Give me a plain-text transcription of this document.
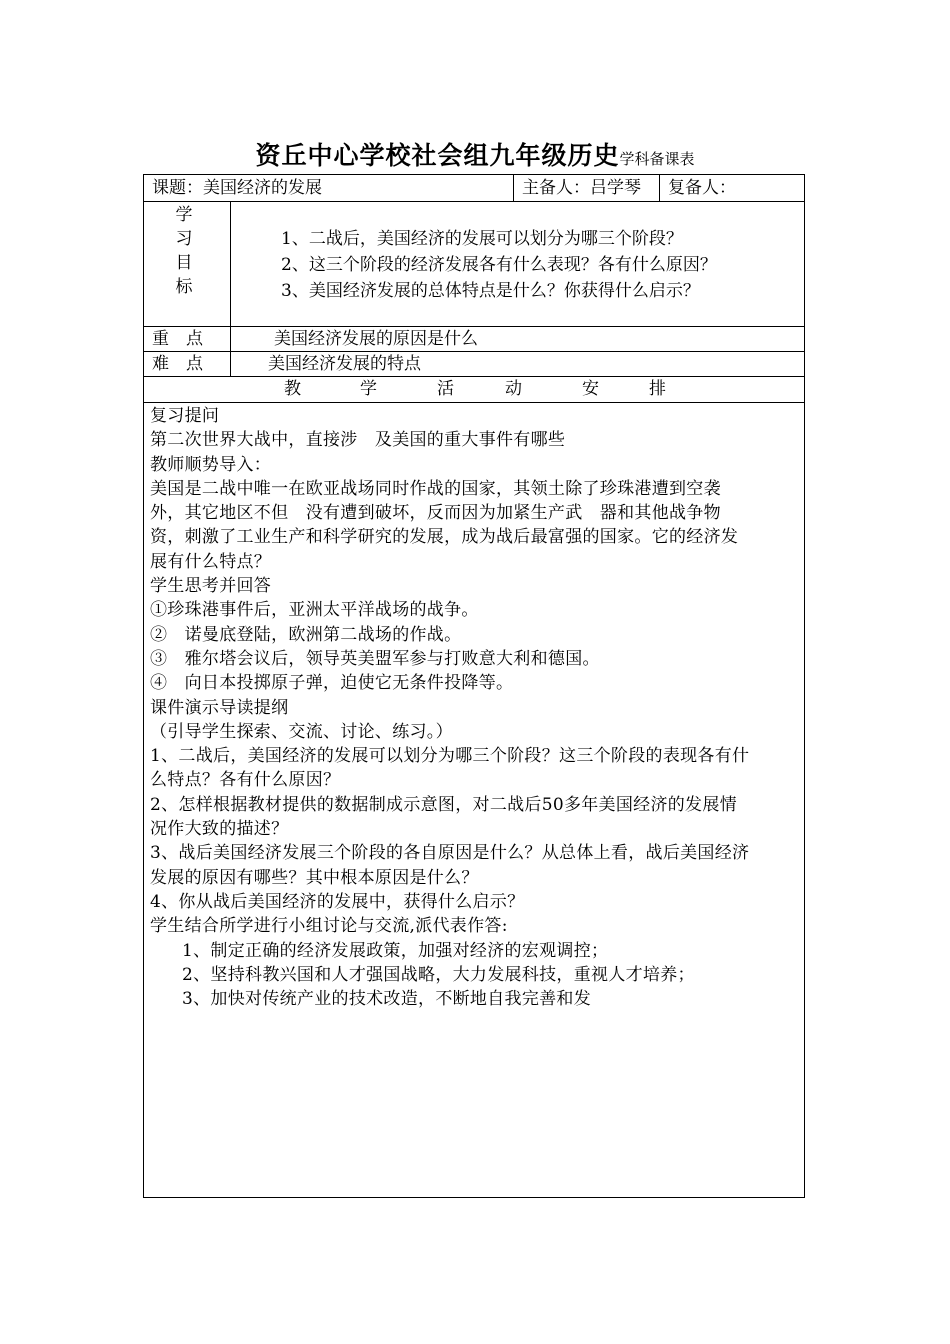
资丘中心学校社会组九年级历史学科备课表
课题：美国经济的发展	主备人：吕学琴 复备人：
学
习
目
标
1、二战后，美国经济的发展可以划分为哪三个阶段？
2、这三个阶段的经济发展各有什么表现？各有什么原因？
3、美国经济发展的总体特点是什么？你获得什么启示？
重　点	美国经济发展的原因是什么
难　点	美国经济发展的特点
教	学	活	动	安	排
复习提问
第二次世界大战中，直接涉　及美国的重大事件有哪些
教师顺势导入：
美国是二战中唯一在欧亚战场同时作战的国家，其领土除了珍珠港遭到空袭
外，其它地区不但　没有遭到破坏，反而因为加紧生产武　器和其他战争物
资，刺激了工业生产和科学研究的发展，成为战后最富强的国家。它的经济发
展有什么特点？
学生思考并回答
①珍珠港事件后，亚洲太平洋战场的战争。
②　诺曼底登陆，欧洲第二战场的作战。
③　雅尔塔会议后，领导英美盟军参与打败意大利和德国。
④　向日本投掷原子弹，迫使它无条件投降等。
课件演示导读提纲
（引导学生探索、交流、讨论、练习。）
1、二战后，美国经济的发展可以划分为哪三个阶段？这三个阶段的表现各有什
么特点？各有什么原因？
2、怎样根据教材提供的数据制成示意图，对二战后50多年美国经济的发展情
况作大致的描述？
3、战后美国经济发展三个阶段的各自原因是什么？从总体上看，战后美国经济
发展的原因有哪些？其中根本原因是什么？
4、你从战后美国经济的发展中，获得什么启示？
学生结合所学进行小组讨论与交流,派代表作答:
1、制定正确的经济发展政策，加强对经济的宏观调控；
2、坚持科教兴国和人才强国战略，大力发展科技，重视人才培养；
3、加快对传统产业的技术改造，不断地自我完善和发
